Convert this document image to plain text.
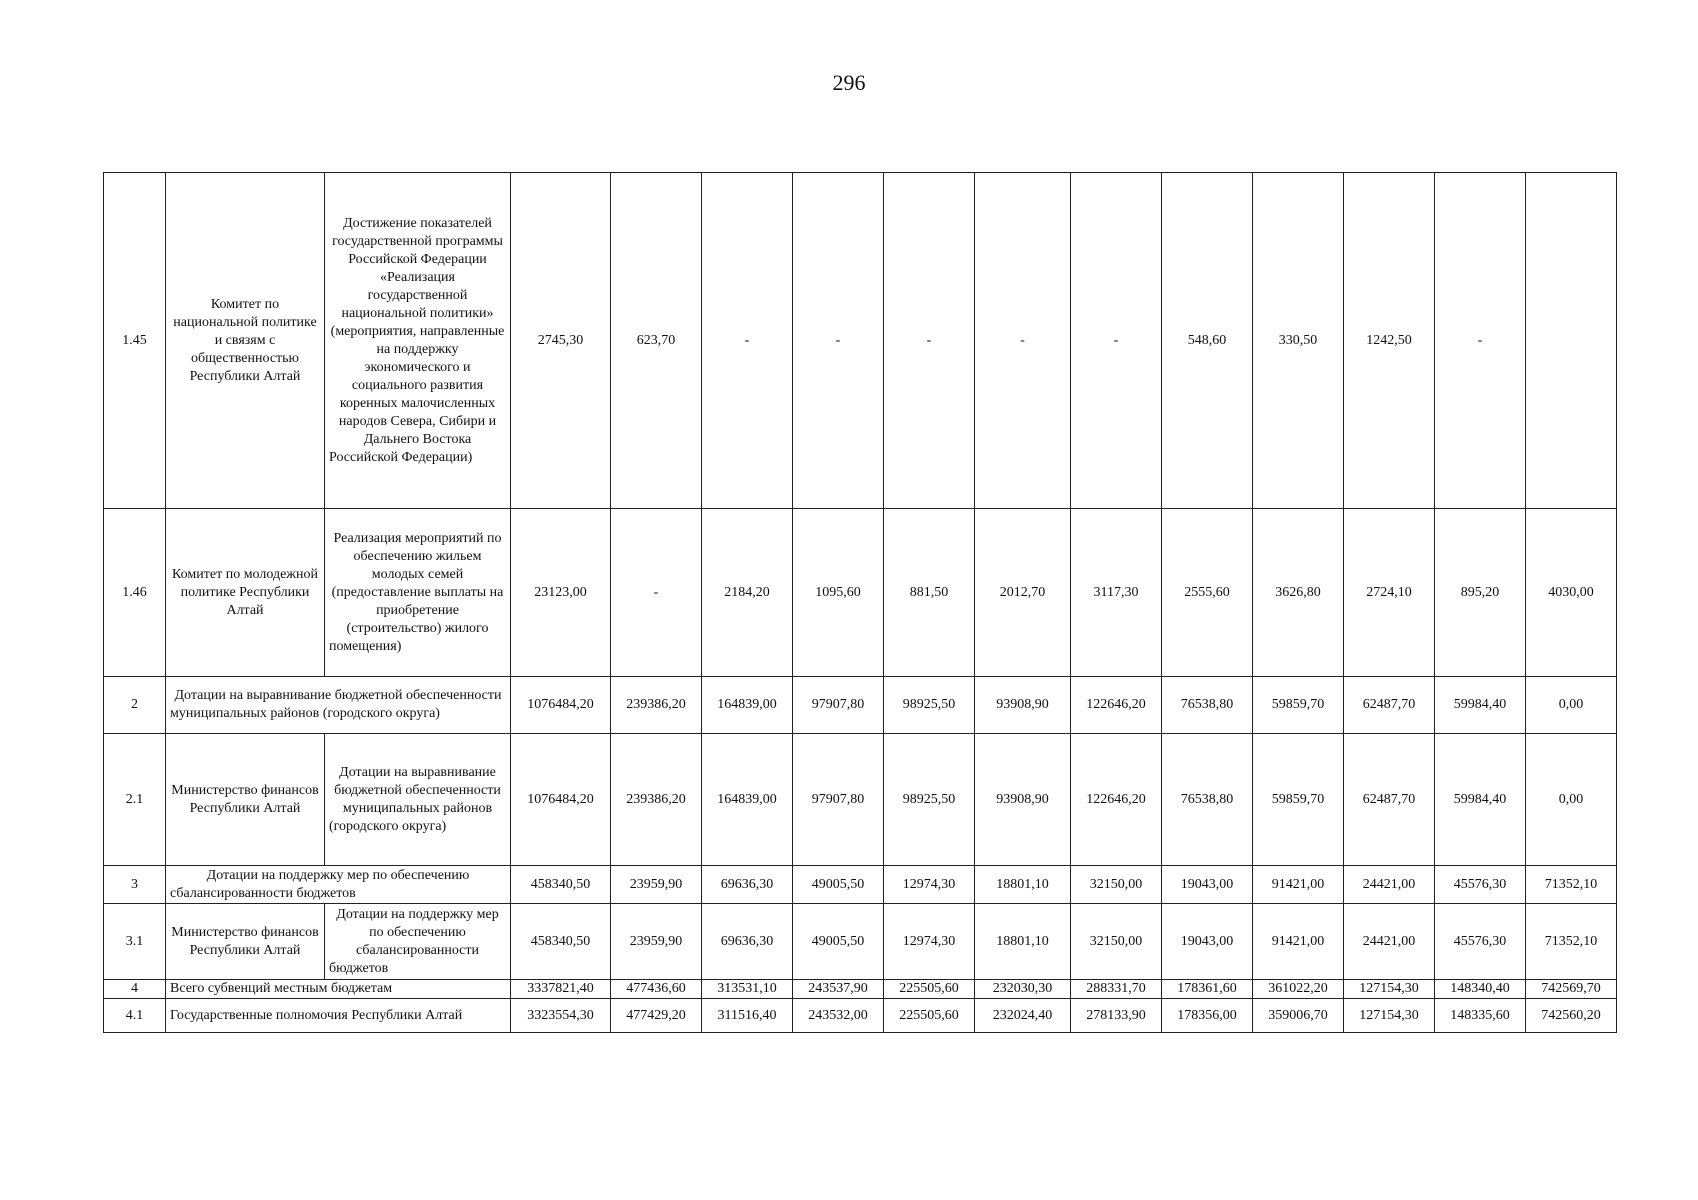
296
1.45	Комитет по национальной политике и связям с общественностью Республики Алтай	Достижение показателей государственной программы Российской Федерации «Реализация государственной национальной политики» (мероприятия, направленные на поддержку экономического и социального развития коренных малочисленных народов Севера, Сибири и Дальнего Востока Российской Федерации)	2745,30	623,70	-	-	-	-	-	548,60	330,50	1242,50	-	
1.46	Комитет по молодежной политике Республики Алтай	Реализация мероприятий по обеспечению жильем молодых семей (предоставление выплаты на приобретение (строительство) жилого помещения)	23123,00	-	2184,20	1095,60	881,50	2012,70	3117,30	2555,60	3626,80	2724,10	895,20	4030,00
2	Дотации на выравнивание бюджетной обеспеченности муниципальных районов (городского округа)		1076484,20	239386,20	164839,00	97907,80	98925,50	93908,90	122646,20	76538,80	59859,70	62487,70	59984,40	0,00
2.1	Министерство финансов Республики Алтай	Дотации на выравнивание бюджетной обеспеченности муниципальных районов (городского округа)	1076484,20	239386,20	164839,00	97907,80	98925,50	93908,90	122646,20	76538,80	59859,70	62487,70	59984,40	0,00
3	Дотации на поддержку мер по обеспечению сбалансированности бюджетов		458340,50	23959,90	69636,30	49005,50	12974,30	18801,10	32150,00	19043,00	91421,00	24421,00	45576,30	71352,10
3.1	Министерство финансов Республики Алтай	Дотации на поддержку мер по обеспечению сбалансированности бюджетов	458340,50	23959,90	69636,30	49005,50	12974,30	18801,10	32150,00	19043,00	91421,00	24421,00	45576,30	71352,10
4	Всего субвенций местным бюджетам		3337821,40	477436,60	313531,10	243537,90	225505,60	232030,30	288331,70	178361,60	361022,20	127154,30	148340,40	742569,70
4.1	Государственные полномочия Республики Алтай		3323554,30	477429,20	311516,40	243532,00	225505,60	232024,40	278133,90	178356,00	359006,70	127154,30	148335,60	742560,20
